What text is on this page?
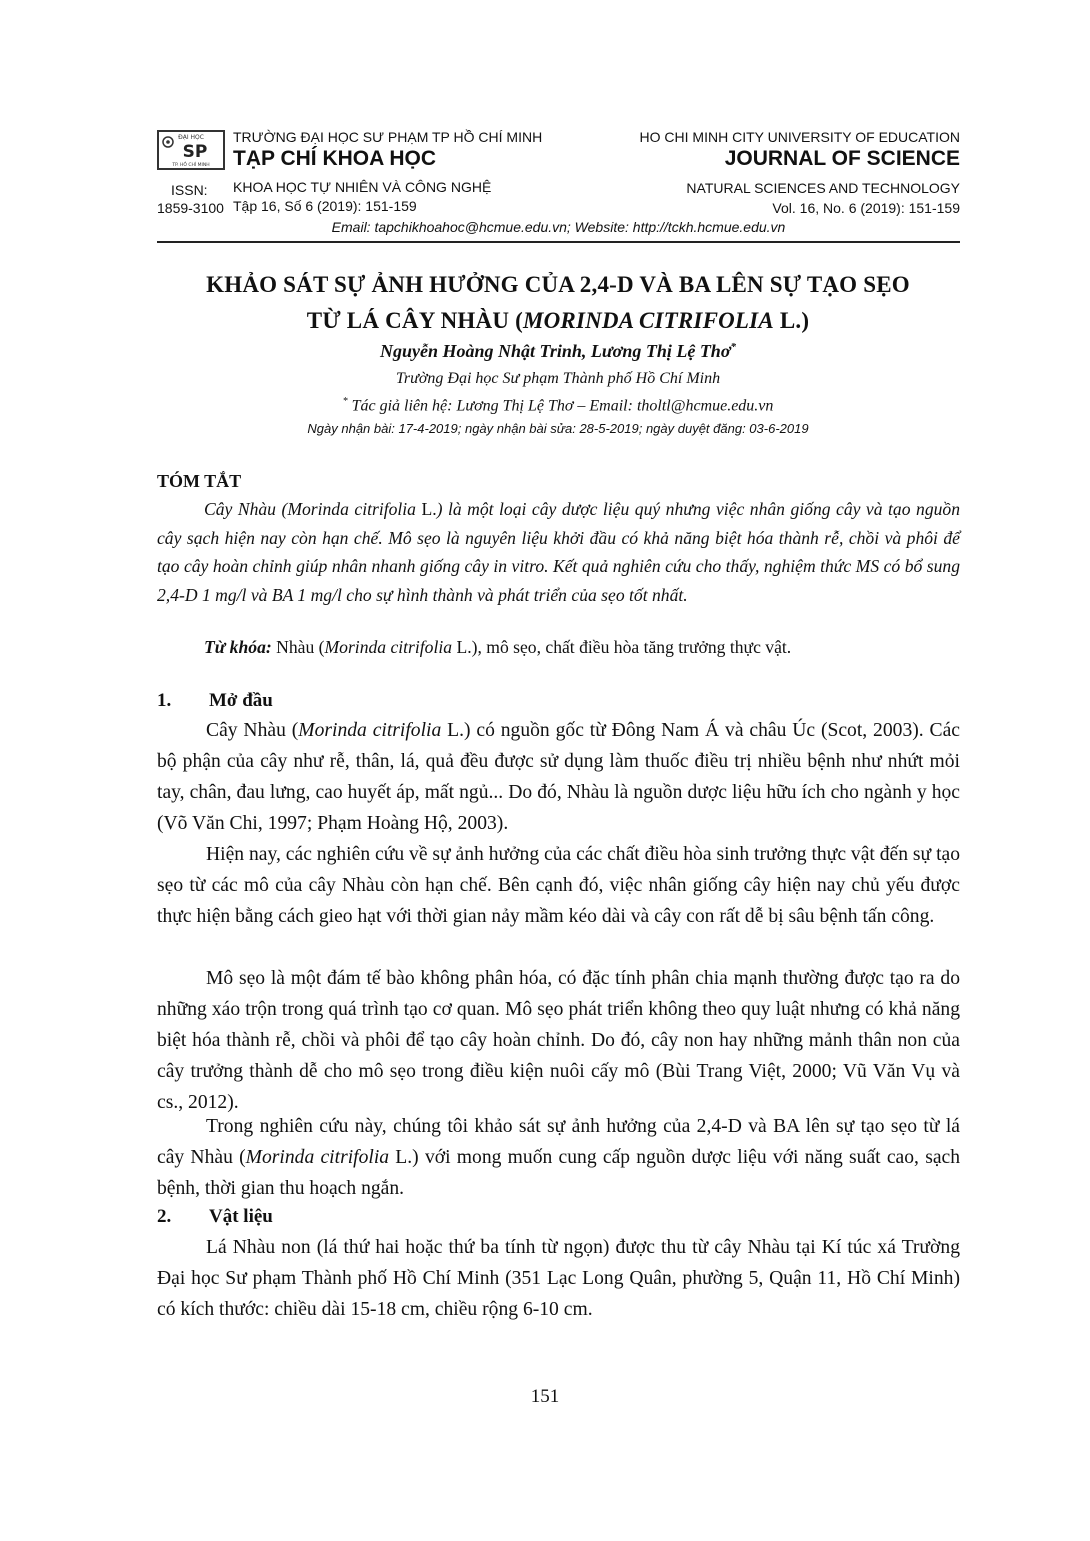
ĐẠI HỌC
SP
TP. HỒ CHÍ MINH
TRƯỜNG ĐẠI HỌC SƯ PHẠM TP HỒ CHÍ MINH	HO CHI MINH CITY UNIVERSITY OF EDUCATION
TẠP CHÍ KHOA HỌC	JOURNAL OF SCIENCE
ISSN:
1859-3100
KHOA HỌC TỰ NHIÊN VÀ CÔNG NGHỆ	NATURAL SCIENCES AND TECHNOLOGY
Tập 16, Số 6 (2019): 151-159	Vol. 16, No. 6 (2019): 151-159
Email: tapchikhoahoc@hcmue.edu.vn; Website: http://tckh.hcmue.edu.vn
KHẢO SÁT SỰ ẢNH HƯỞNG CỦA 2,4-D VÀ BA LÊN SỰ TẠO SẸO
TỪ LÁ CÂY NHÀU (MORINDA CITRIFOLIA L.)
Nguyễn Hoàng Nhật Trinh, Lương Thị Lệ Thơ*
Trường Đại học Sư phạm Thành phố Hồ Chí Minh
* Tác giả liên hệ: Lương Thị Lệ Thơ – Email: tholtl@hcmue.edu.vn
Ngày nhận bài: 17-4-2019; ngày nhận bài sửa: 28-5-2019; ngày duyệt đăng: 03-6-2019
TÓM TẮT
Cây Nhàu (Morinda citrifolia L.) là một loại cây dược liệu quý nhưng việc nhân giống cây và tạo nguồn cây sạch hiện nay còn hạn chế. Mô sẹo là nguyên liệu khởi đầu có khả năng biệt hóa thành rễ, chồi và phôi để tạo cây hoàn chỉnh giúp nhân nhanh giống cây in vitro. Kết quả nghiên cứu cho thấy, nghiệm thức MS có bổ sung 2,4-D 1 mg/l và BA 1 mg/l cho sự hình thành và phát triển của sẹo tốt nhất.
Từ khóa: Nhàu (Morinda citrifolia L.), mô sẹo, chất điều hòa tăng trưởng thực vật.
1. Mở đầu
Cây Nhàu (Morinda citrifolia L.) có nguồn gốc từ Đông Nam Á và châu Úc (Scot, 2003). Các bộ phận của cây như rễ, thân, lá, quả đều được sử dụng làm thuốc điều trị nhiều bệnh như nhứt mỏi tay, chân, đau lưng, cao huyết áp, mất ngủ... Do đó, Nhàu là nguồn dược liệu hữu ích cho ngành y học (Võ Văn Chi, 1997; Phạm Hoàng Hộ, 2003).
Hiện nay, các nghiên cứu về sự ảnh hưởng của các chất điều hòa sinh trưởng thực vật đến sự tạo sẹo từ các mô của cây Nhàu còn hạn chế. Bên cạnh đó, việc nhân giống cây hiện nay chủ yếu được thực hiện bằng cách gieo hạt với thời gian nảy mầm kéo dài và cây con rất dễ bị sâu bệnh tấn công.
Mô sẹo là một đám tế bào không phân hóa, có đặc tính phân chia mạnh thường được tạo ra do những xáo trộn trong quá trình tạo cơ quan. Mô sẹo phát triển không theo quy luật nhưng có khả năng biệt hóa thành rễ, chồi và phôi để tạo cây hoàn chỉnh. Do đó, cây non hay những mảnh thân non của cây trưởng thành dễ cho mô sẹo trong điều kiện nuôi cấy mô (Bùi Trang Việt, 2000; Vũ Văn Vụ và cs., 2012).
Trong nghiên cứu này, chúng tôi khảo sát sự ảnh hưởng của 2,4-D và BA lên sự tạo sẹo từ lá cây Nhàu (Morinda citrifolia L.) với mong muốn cung cấp nguồn dược liệu với năng suất cao, sạch bệnh, thời gian thu hoạch ngắn.
2. Vật liệu
Lá Nhàu non (lá thứ hai hoặc thứ ba tính từ ngọn) được thu từ cây Nhàu tại Kí túc xá Trường Đại học Sư phạm Thành phố Hồ Chí Minh (351 Lạc Long Quân, phường 5, Quận 11, Hồ Chí Minh) có kích thước: chiều dài 15-18 cm, chiều rộng 6-10 cm.
151
